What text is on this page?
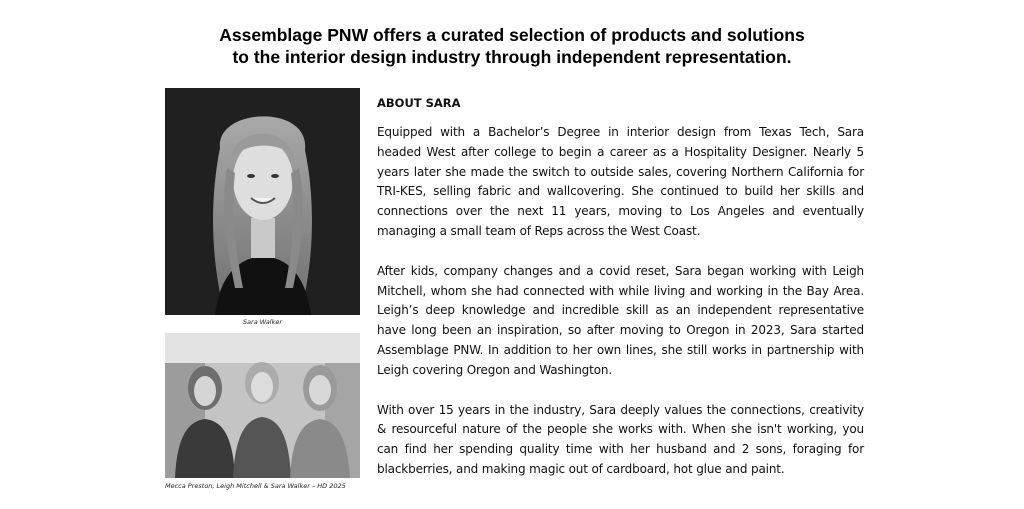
Assemblage PNW offers a curated selection of products and solutions
to the interior design industry through independent representation.
Sara Walker
Mecca Preston, Leigh Mitchell & Sara Walker – HD 2025
ABOUT SARA

Equipped with a Bachelor’s Degree in interior design from Texas Tech, Sara headed West after college to begin a career as a Hospitality Designer. Nearly 5 years later she made the switch to outside sales, covering Northern California for TRI-KES, selling fabric and wallcovering. She continued to build her skills and connections over the next 11 years, moving to Los Angeles and eventually managing a small team of Reps across the West Coast.

After kids, company changes and a covid reset, Sara began working with Leigh Mitchell, whom she had connected with while living and working in the Bay Area. Leigh’s deep knowledge and incredible skill as an independent representative have long been an inspiration, so after moving to Oregon in 2023, Sara started Assemblage PNW. In addition to her own lines, she still works in partnership with Leigh covering Oregon and Washington.

With over 15 years in the industry, Sara deeply values the connections, creativity & resourceful nature of the people she works with. When she isn't working, you can find her spending quality time with her husband and 2 sons, foraging for blackberries, and making magic out of cardboard, hot glue and paint.
